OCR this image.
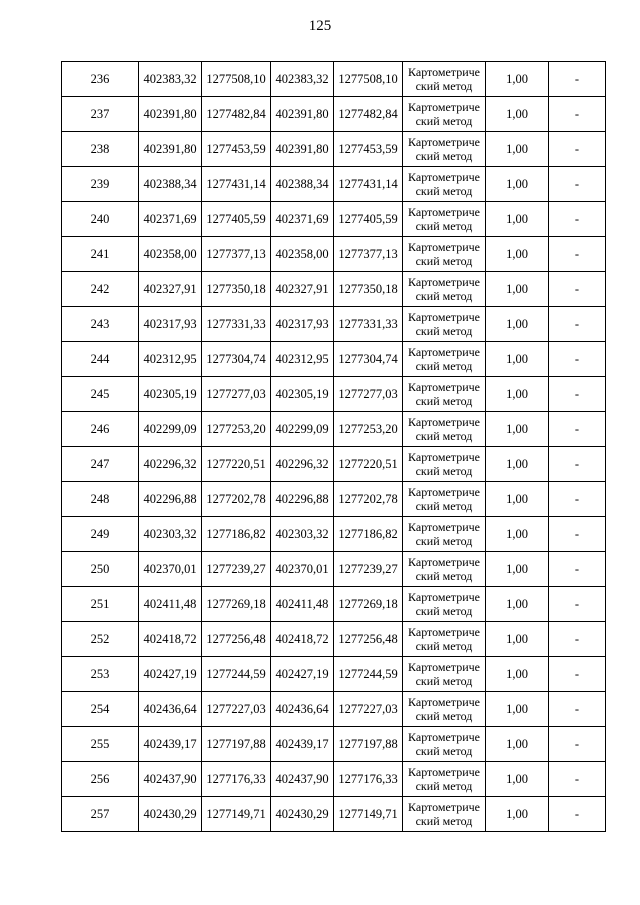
125
236	402383,32	1277508,10	402383,32	1277508,10	Картометриче
ский метод	1,00	-
237	402391,80	1277482,84	402391,80	1277482,84	Картометриче
ский метод	1,00	-
238	402391,80	1277453,59	402391,80	1277453,59	Картометриче
ский метод	1,00	-
239	402388,34	1277431,14	402388,34	1277431,14	Картометриче
ский метод	1,00	-
240	402371,69	1277405,59	402371,69	1277405,59	Картометриче
ский метод	1,00	-
241	402358,00	1277377,13	402358,00	1277377,13	Картометриче
ский метод	1,00	-
242	402327,91	1277350,18	402327,91	1277350,18	Картометриче
ский метод	1,00	-
243	402317,93	1277331,33	402317,93	1277331,33	Картометриче
ский метод	1,00	-
244	402312,95	1277304,74	402312,95	1277304,74	Картометриче
ский метод	1,00	-
245	402305,19	1277277,03	402305,19	1277277,03	Картометриче
ский метод	1,00	-
246	402299,09	1277253,20	402299,09	1277253,20	Картометриче
ский метод	1,00	-
247	402296,32	1277220,51	402296,32	1277220,51	Картометриче
ский метод	1,00	-
248	402296,88	1277202,78	402296,88	1277202,78	Картометриче
ский метод	1,00	-
249	402303,32	1277186,82	402303,32	1277186,82	Картометриче
ский метод	1,00	-
250	402370,01	1277239,27	402370,01	1277239,27	Картометриче
ский метод	1,00	-
251	402411,48	1277269,18	402411,48	1277269,18	Картометриче
ский метод	1,00	-
252	402418,72	1277256,48	402418,72	1277256,48	Картометриче
ский метод	1,00	-
253	402427,19	1277244,59	402427,19	1277244,59	Картометриче
ский метод	1,00	-
254	402436,64	1277227,03	402436,64	1277227,03	Картометриче
ский метод	1,00	-
255	402439,17	1277197,88	402439,17	1277197,88	Картометриче
ский метод	1,00	-
256	402437,90	1277176,33	402437,90	1277176,33	Картометриче
ский метод	1,00	-
257	402430,29	1277149,71	402430,29	1277149,71	Картометриче
ский метод	1,00	-
